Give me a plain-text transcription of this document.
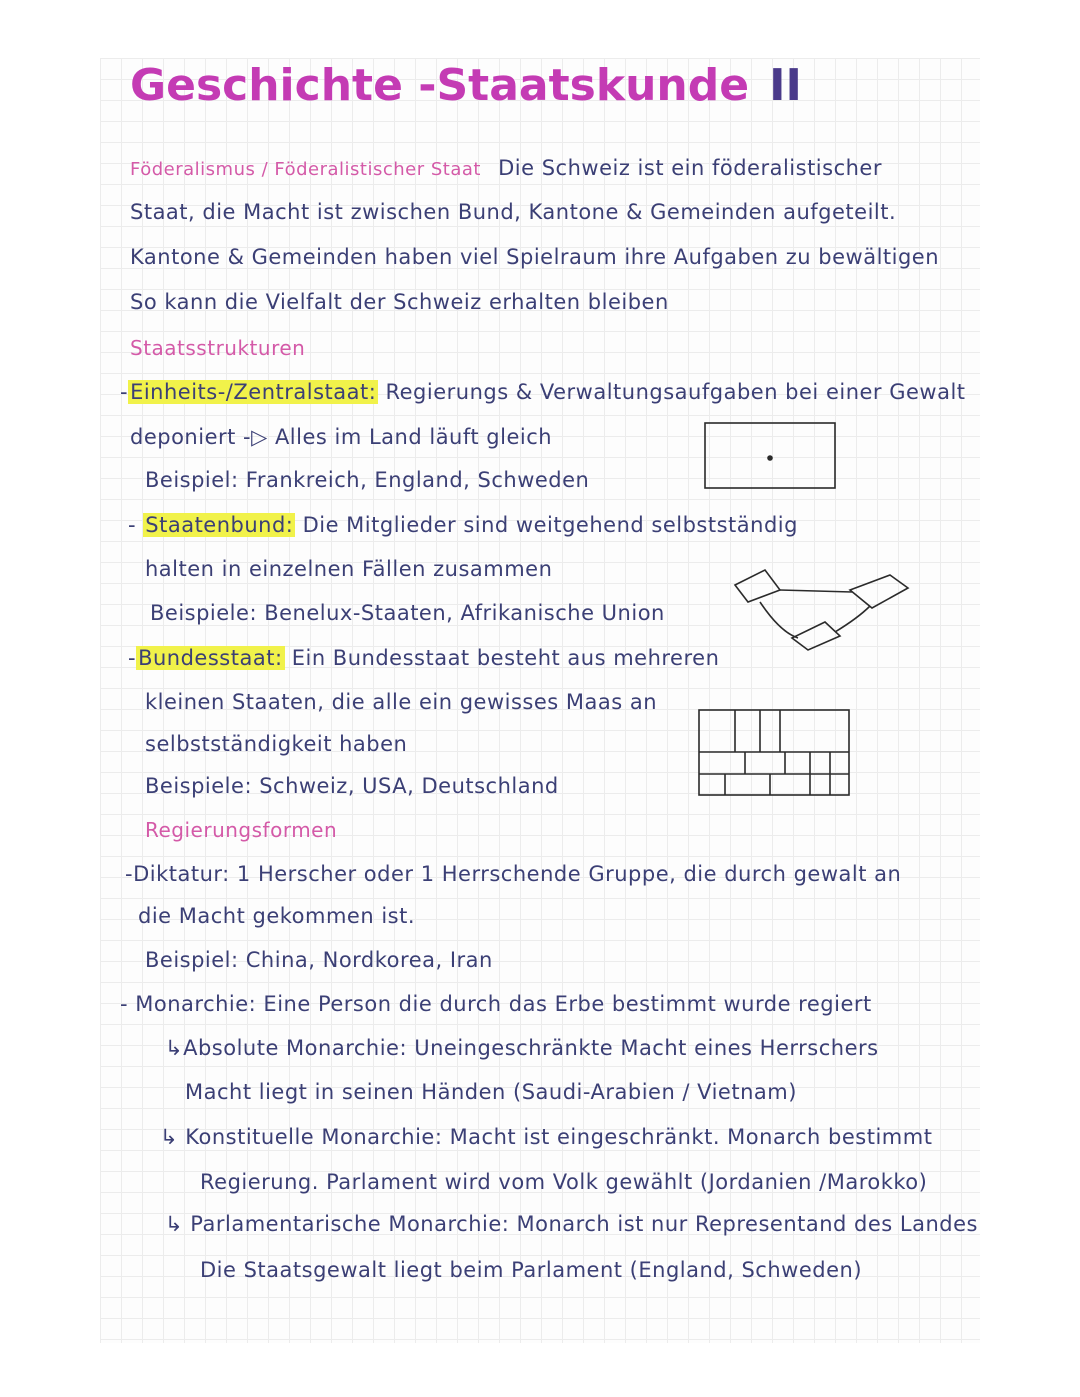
Geschichte -Staatskunde II
Föderalismus / Föderalistischer Staat Die Schweiz ist ein föderalistischer
Staat, die Macht ist zwischen Bund, Kantone & Gemeinden aufgeteilt.
Kantone & Gemeinden haben viel Spielraum ihre Aufgaben zu bewältigen
So kann die Vielfalt der Schweiz erhalten bleiben
Staatsstrukturen
-Einheits-/Zentralstaat: Regierungs & Verwaltungsaufgaben bei einer Gewalt
deponiert -▷ Alles im Land läuft gleich
Beispiel: Frankreich, England, Schweden
- Staatenbund: Die Mitglieder sind weitgehend selbstständig
halten in einzelnen Fällen zusammen
Beispiele: Benelux-Staaten, Afrikanische Union
-Bundesstaat: Ein Bundesstaat besteht aus mehreren
kleinen Staaten, die alle ein gewisses Maas an
selbstständigkeit haben
Beispiele: Schweiz, USA, Deutschland
Regierungsformen
-Diktatur: 1 Herscher oder 1 Herrschende Gruppe, die durch gewalt an
die Macht gekommen ist.
Beispiel: China, Nordkorea, Iran
- Monarchie: Eine Person die durch das Erbe bestimmt wurde regiert
↳Absolute Monarchie: Uneingeschränkte Macht eines Herrschers
Macht liegt in seinen Händen (Saudi-Arabien / Vietnam)
↳ Konstituelle Monarchie: Macht ist eingeschränkt. Monarch bestimmt
Regierung. Parlament wird vom Volk gewählt (Jordanien /Marokko)
↳ Parlamentarische Monarchie: Monarch ist nur Representand des Landes
Die Staatsgewalt liegt beim Parlament (England, Schweden)
